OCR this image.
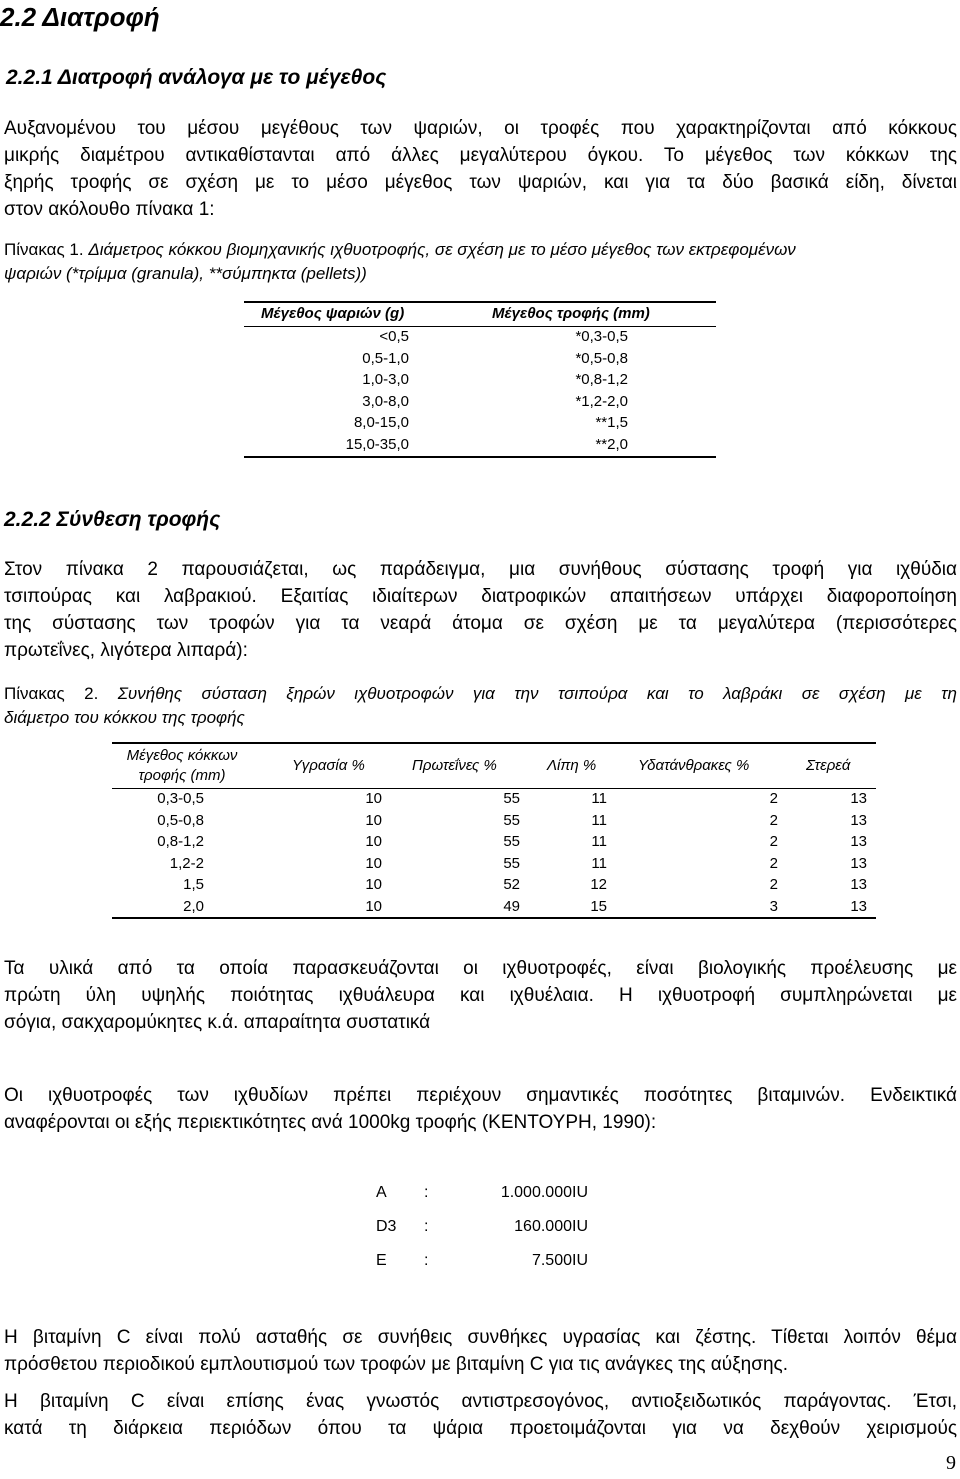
2.2 Διατροφή
2.2.1 Διατροφή ανάλογα με το μέγεθος
Αυξανομένου του μέσου μεγέθους των ψαριών, οι τροφές που χαρακτηρίζονται από κόκκους
μικρής διαμέτρου αντικαθίστανται από άλλες μεγαλύτερου όγκου. Το μέγεθος των κόκκων της
ξηρής τροφής σε σχέση με το μέσο μέγεθος των ψαριών, και για τα δύο βασικά είδη, δίνεται
στον ακόλουθο πίνακα 1:
Πίνακας 1. Διάμετρος κόκκου βιομηχανικής ιχθυοτροφής, σε σχέση με το μέσο μέγεθος των εκτρεφομένων
ψαριών (*τρίμμα (granula), **σύμπηκτα (pellets))
Μέγεθος ψαριών (g)	Μέγεθος τροφής (mm)
<0,5	*0,3-0,5
0,5-1,0	*0,5-0,8
1,0-3,0	*0,8-1,2
3,0-8,0	*1,2-2,0
8,0-15,0	**1,5
15,0-35,0	**2,0
2.2.2 Σύνθεση τροφής
Στον πίνακα 2 παρουσιάζεται, ως παράδειγμα, μια συνήθους σύστασης τροφή για ιχθύδια
τσιπούρας και λαβρακιού. Εξαιτίας ιδιαίτερων διατροφικών απαιτήσεων υπάρχει διαφοροποίηση
της σύστασης των τροφών για τα νεαρά άτομα σε σχέση με τα μεγαλύτερα (περισσότερες
πρωτεΐνες, λιγότερα λιπαρά):
Πίνακας 2. Συνήθης σύσταση ξηρών ιχθυοτροφών για την τσιπούρα και το λαβράκι σε σχέση με τη
διάμετρο του κόκκου της τροφής
Μέγεθος κόκκων
τροφής (mm)
Υγρασία %	Πρωτεΐνες %	Λίπη %	Υδατάνθρακες %	Στερεά
0,3-0,5	10	55	11	2	13
0,5-0,8	10	55	11	2	13
0,8-1,2	10	55	11	2	13
1,2-2	10	55	11	2	13
1,5	10	52	12	2	13
2,0	10	49	15	3	13
Τα υλικά από τα οποία παρασκευάζονται οι ιχθυοτροφές, είναι βιολογικής προέλευσης με
πρώτη ύλη υψηλής ποιότητας ιχθυάλευρα και ιχθυέλαια. Η ιχθυοτροφή συμπληρώνεται με
σόγια, σακχαρομύκητες κ.ά. απαραίτητα συστατικά
Οι ιχθυοτροφές των ιχθυδίων πρέπει περιέχουν σημαντικές ποσότητες βιταμινών. Ενδεικτικά
αναφέρονται οι εξής περιεκτικότητες ανά 1000kg τροφής (ΚΕΝΤΟΥΡΗ, 1990):
A :	1.000.000 IU
D3 :	160.000 IU
E :	7.500 IU
Η βιταμίνη C είναι πολύ ασταθής σε συνήθεις συνθήκες υγρασίας και ζέστης. Τίθεται λοιπόν θέμα
πρόσθετου περιοδικού εμπλουτισμού των τροφών με βιταμίνη C για τις ανάγκες της αύξησης.
Η βιταμίνη C είναι επίσης ένας γνωστός αντιστρεσογόνος, αντιοξειδωτικός παράγοντας. Έτσι,
κατά τη διάρκεια περιόδων όπου τα ψάρια προετοιμάζονται για να δεχθούν χειρισμούς
9
